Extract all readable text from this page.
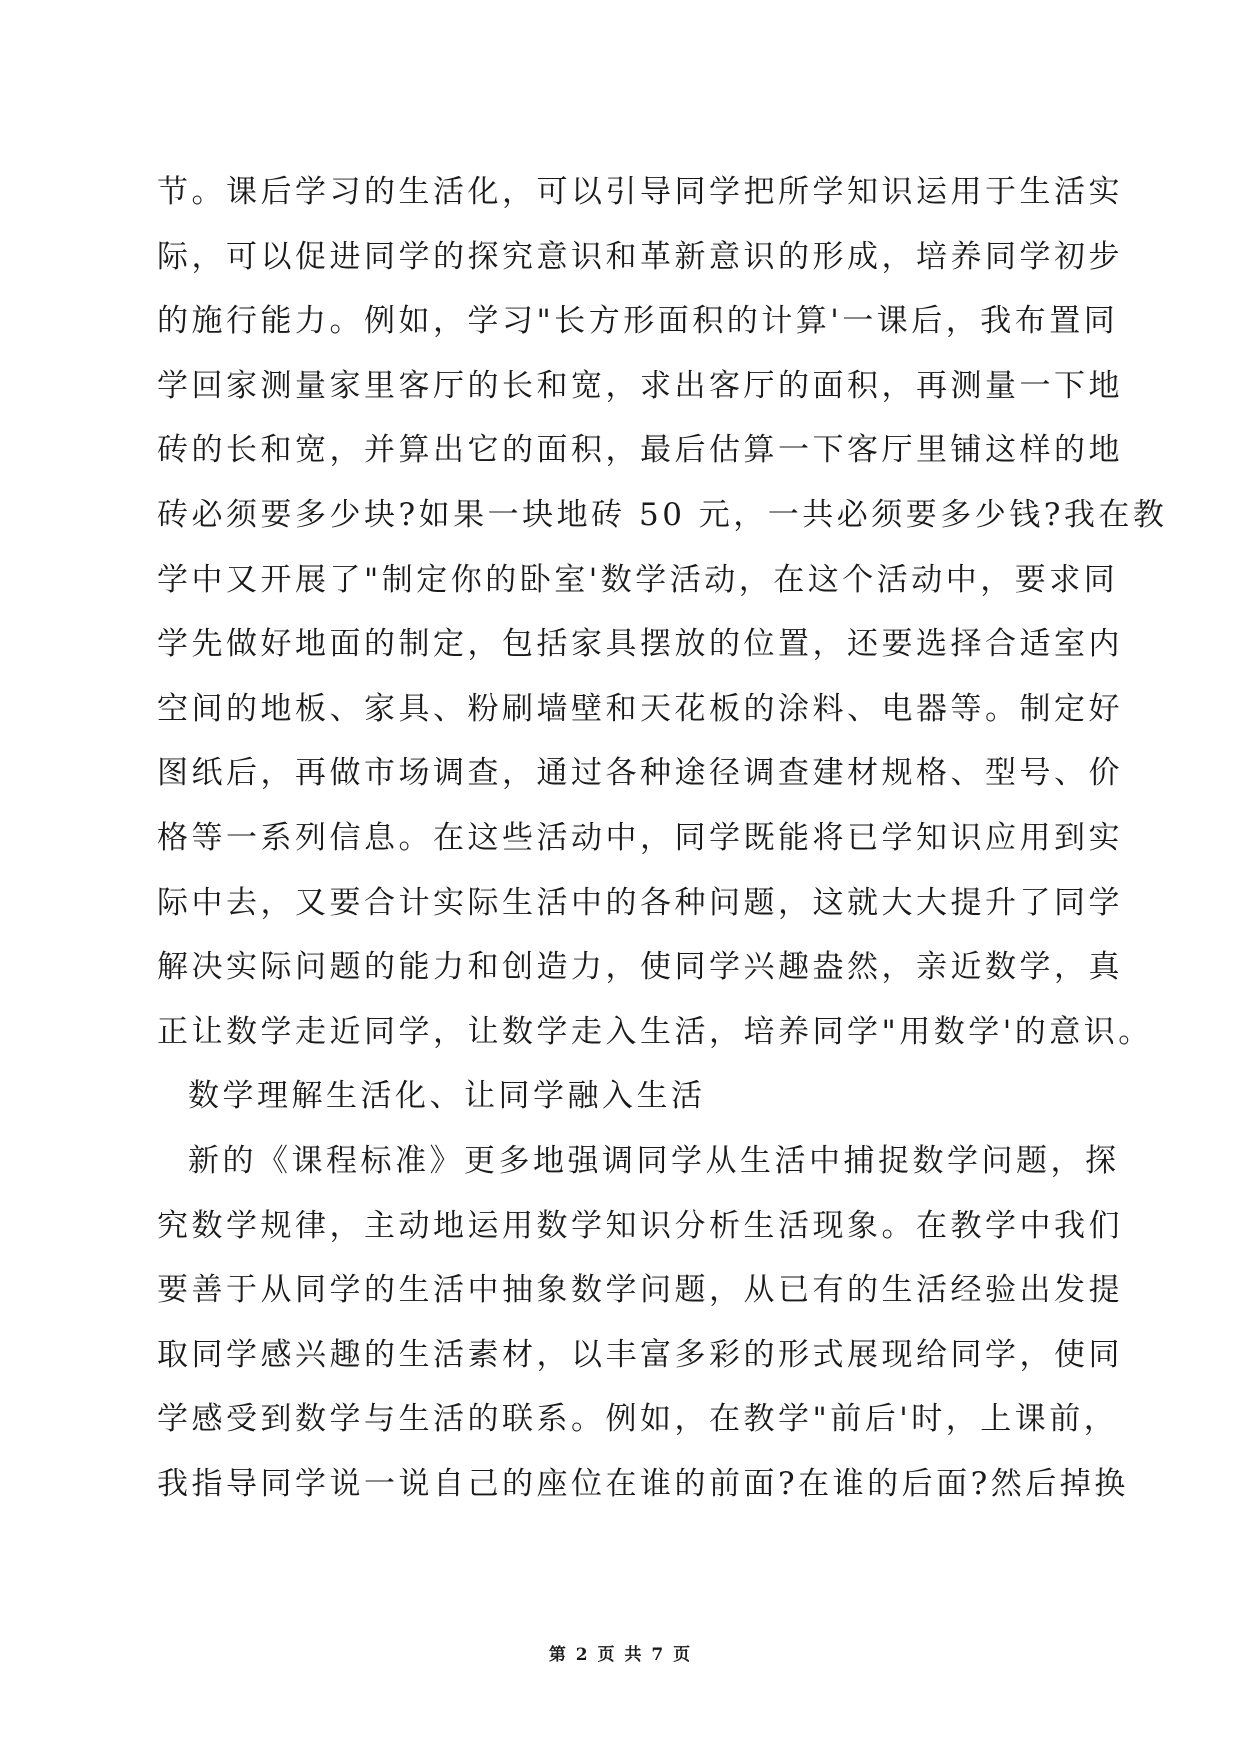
节。课后学习的生活化，可以引导同学把所学知识运用于生活实
际，可以促进同学的探究意识和革新意识的形成，培养同学初步
的施行能力。例如，学习"长方形面积的计算'一课后，我布置同
学回家测量家里客厅的长和宽，求出客厅的面积，再测量一下地
砖的长和宽，并算出它的面积，最后估算一下客厅里铺这样的地
砖必须要多少块?如果一块地砖 50 元，一共必须要多少钱?我在教
学中又开展了"制定你的卧室'数学活动，在这个活动中，要求同
学先做好地面的制定，包括家具摆放的位置，还要选择合适室内
空间的地板、家具、粉刷墙壁和天花板的涂料、电器等。制定好
图纸后，再做市场调查，通过各种途径调查建材规格、型号、价
格等一系列信息。在这些活动中，同学既能将已学知识应用到实
际中去，又要合计实际生活中的各种问题，这就大大提升了同学
解决实际问题的能力和创造力，使同学兴趣盎然，亲近数学，真
正让数学走近同学，让数学走入生活，培养同学"用数学'的意识。
数学理解生活化、让同学融入生活
新的《课程标准》更多地强调同学从生活中捕捉数学问题，探
究数学规律，主动地运用数学知识分析生活现象。在教学中我们
要善于从同学的生活中抽象数学问题，从已有的生活经验出发提
取同学感兴趣的生活素材，以丰富多彩的形式展现给同学，使同
学感受到数学与生活的联系。例如，在教学"前后'时，上课前，
我指导同学说一说自己的座位在谁的前面?在谁的后面?然后掉换
第 2 页 共 7 页
